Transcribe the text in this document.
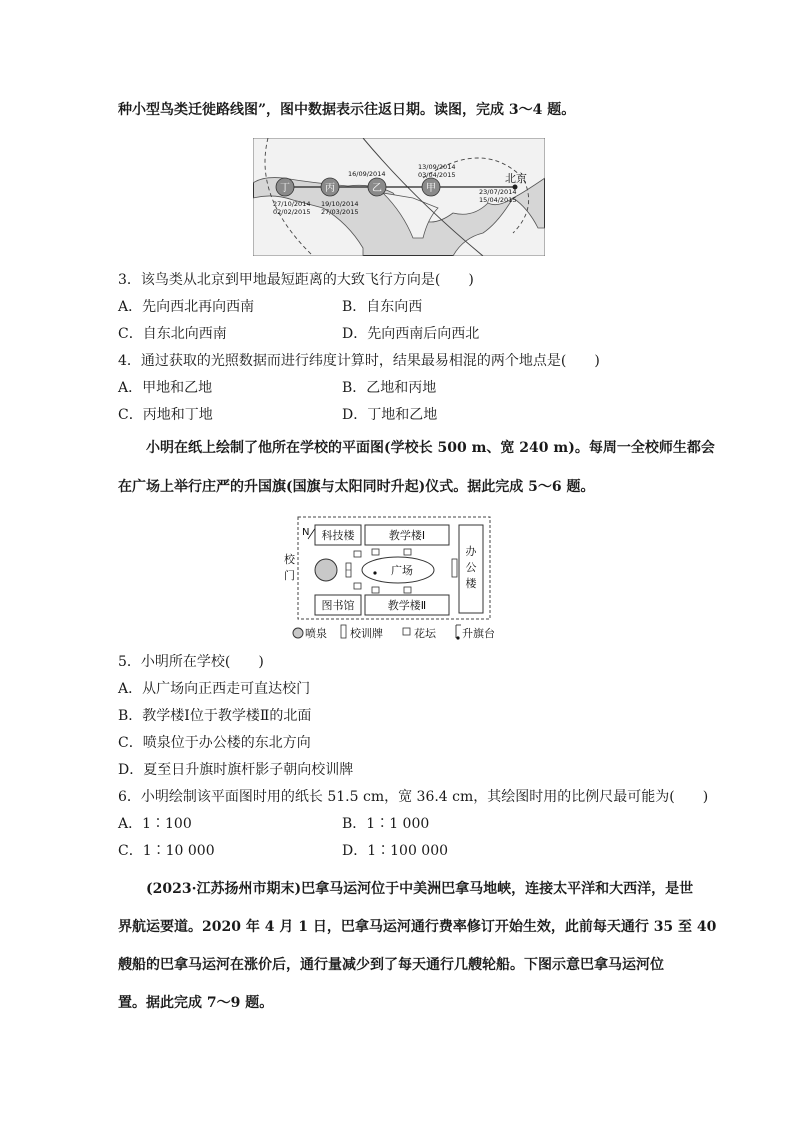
种小型鸟类迁徙路线图”，图中数据表示往返日期。读图，完成 3～4 题。
丁	丙	乙	甲
北京
27/10/2014
02/02/2015
19/10/2014
27/03/2015
16/09/2014
13/09/2014
03/04/2015
23/07/2014
15/04/2015
3．该鸟类从北京到甲地最短距离的大致飞行方向是(　　)
A．先向西北再向西南	B．自东向西
C．自东北向西南	D．先向西南后向西北
4．通过获取的光照数据而进行纬度计算时，结果最易相混的两个地点是(　　)
A．甲地和乙地	B．乙地和丙地
C．丙地和丁地	D．丁地和乙地
小明在纸上绘制了他所在学校的平面图(学校长 500 m、宽 240 m)。每周一全校师生都会
在广场上举行庄严的升国旗(国旗与太阳同时升起)仪式。据此完成 5～6 题。
N 科技楼	教学楼Ⅰ
办
公
楼
校
门	广场
图书馆	教学楼Ⅱ
喷泉 校训牌	花坛 升旗台
5．小明所在学校(　　)
A．从广场向正西走可直达校门
B．教学楼Ⅰ位于教学楼Ⅱ的北面
C．喷泉位于办公楼的东北方向
D．夏至日升旗时旗杆影子朝向校训牌
6．小明绘制该平面图时用的纸长 51.5 cm，宽 36.4 cm，其绘图时用的比例尺最可能为(　　)
A．1∶100	B．1∶1 000
C．1∶10 000	D．1∶100 000
(2023·江苏扬州市期末)巴拿马运河位于中美洲巴拿马地峡，连接太平洋和大西洋，是世
界航运要道。2020 年 4 月 1 日，巴拿马运河通行费率修订开始生效，此前每天通行 35 至 40
艘船的巴拿马运河在涨价后，通行量减少到了每天通行几艘轮船。下图示意巴拿马运河位
置。据此完成 7～9 题。
